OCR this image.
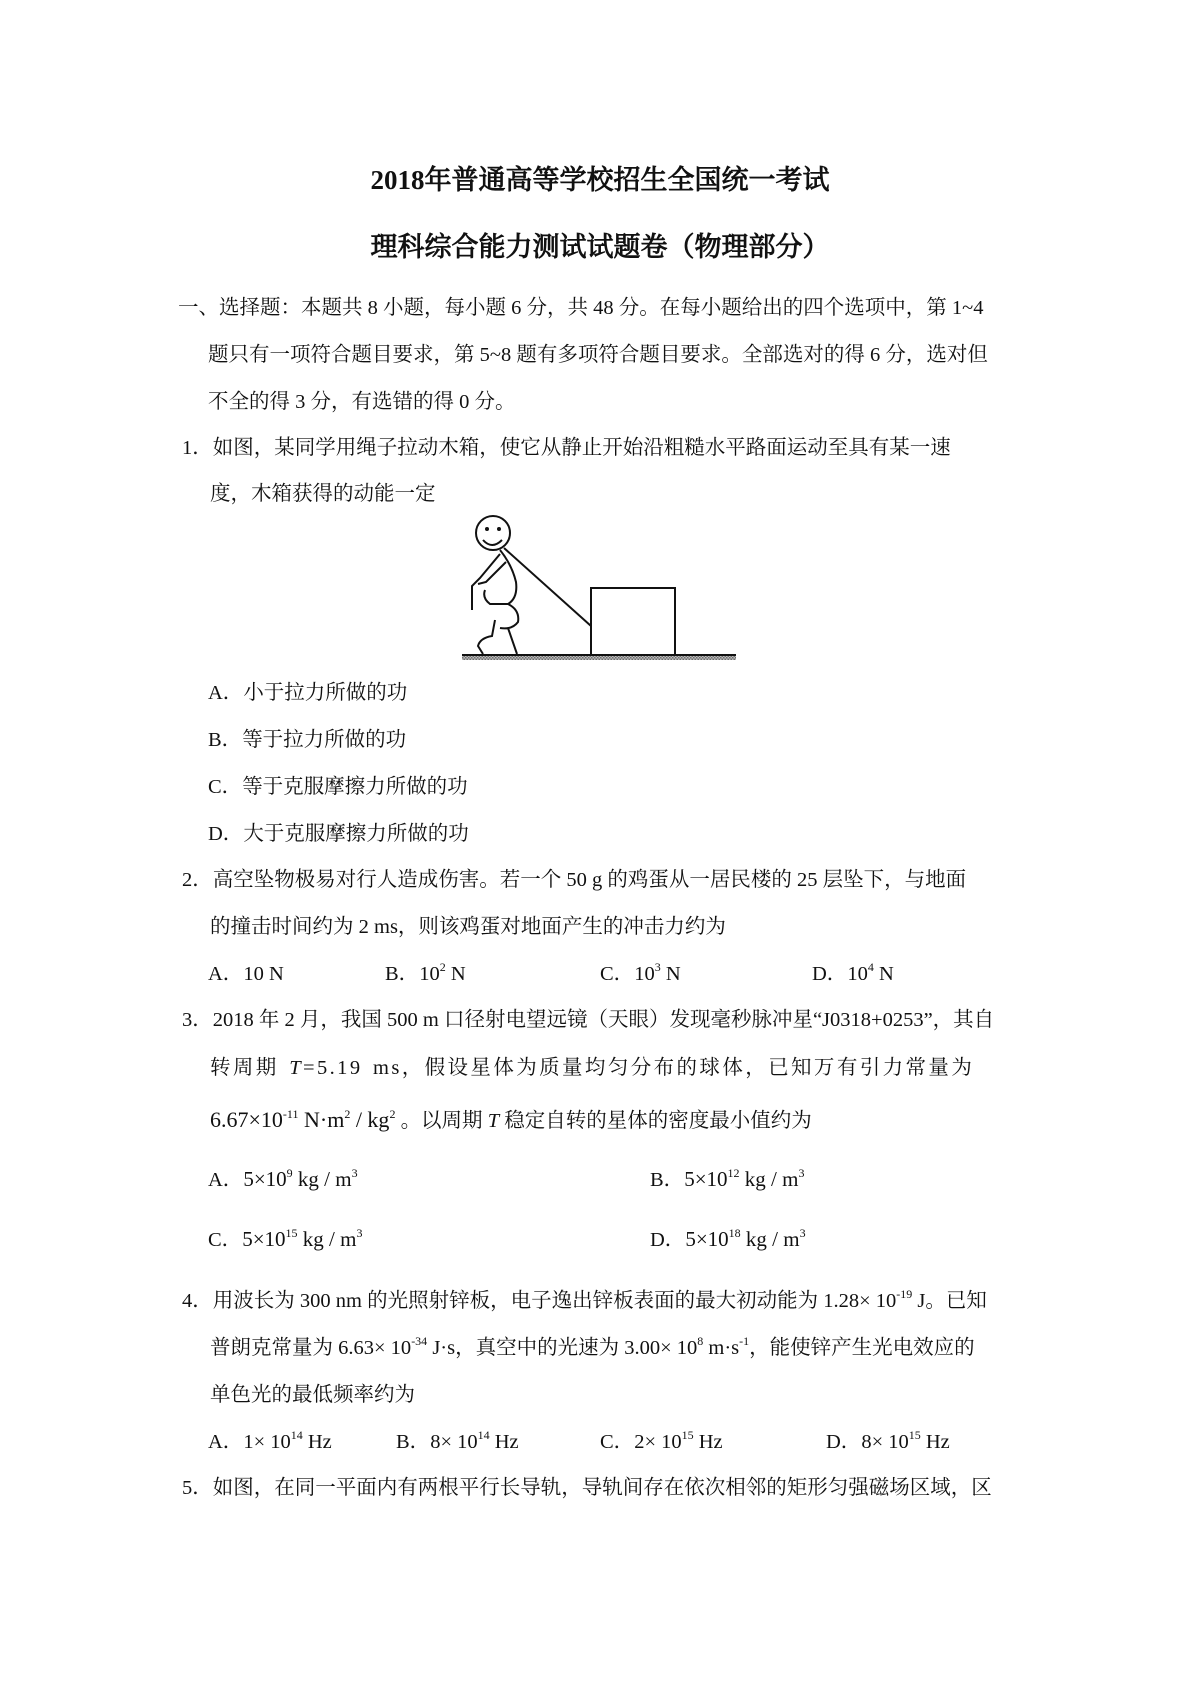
2018年普通高等学校招生全国统一考试
理科综合能力测试试题卷（物理部分）
一、选择题：本题共 8 小题，每小题 6 分，共 48 分。在每小题给出的四个选项中，第 1~4
题只有一项符合题目要求，第 5~8 题有多项符合题目要求。全部选对的得 6 分，选对但
不全的得 3 分，有选错的得 0 分。
1．如图，某同学用绳子拉动木箱，使它从静止开始沿粗糙水平路面运动至具有某一速
度，木箱获得的动能一定
A．小于拉力所做的功
B．等于拉力所做的功
C．等于克服摩擦力所做的功
D．大于克服摩擦力所做的功
2．高空坠物极易对行人造成伤害。若一个 50 g 的鸡蛋从一居民楼的 25 层坠下，与地面
的撞击时间约为 2 ms，则该鸡蛋对地面产生的冲击力约为
A．10 N	B．$10^2$ N	C．$10^3$ N	D．$10^4$ N
3．2018 年 2 月，我国 500 m 口径射电望远镜（天眼）发现毫秒脉冲星“J0318+0253”，其自
转周期 T=5.19 ms，假设星体为质量均匀分布的球体，已知万有引力常量为
$6.67\times 10^{-11}$ $N\cdot m^2 / kg^2$ 。以周期 T 稳定自转的星体的密度最小值约为
A．$5\times 10^9$ kg / $m^3$	B．$5\times 10^{12}$ kg / $m^3$
C．$5\times 10^{15}$ kg / $m^3$	D．$5\times 10^{18}$ kg / $m^3$
4．用波长为 300 nm 的光照射锌板，电子逸出锌板表面的最大初动能为 $1.28\times 10^{-19}$ J。已知
普朗克常量为 $6.63\times 10^{-34}$ J·s，真空中的光速为 $3.00\times 10^8$ $m\cdot s^{-1}$，能使锌产生光电效应的
单色光的最低频率约为
A．$1\times 10^{14}$ Hz	B．$8\times 10^{14}$ Hz	C．$2\times 10^{15}$ Hz	D．$8\times 10^{15}$ Hz
5．如图，在同一平面内有两根平行长导轨，导轨间存在依次相邻的矩形匀强磁场区域，区
